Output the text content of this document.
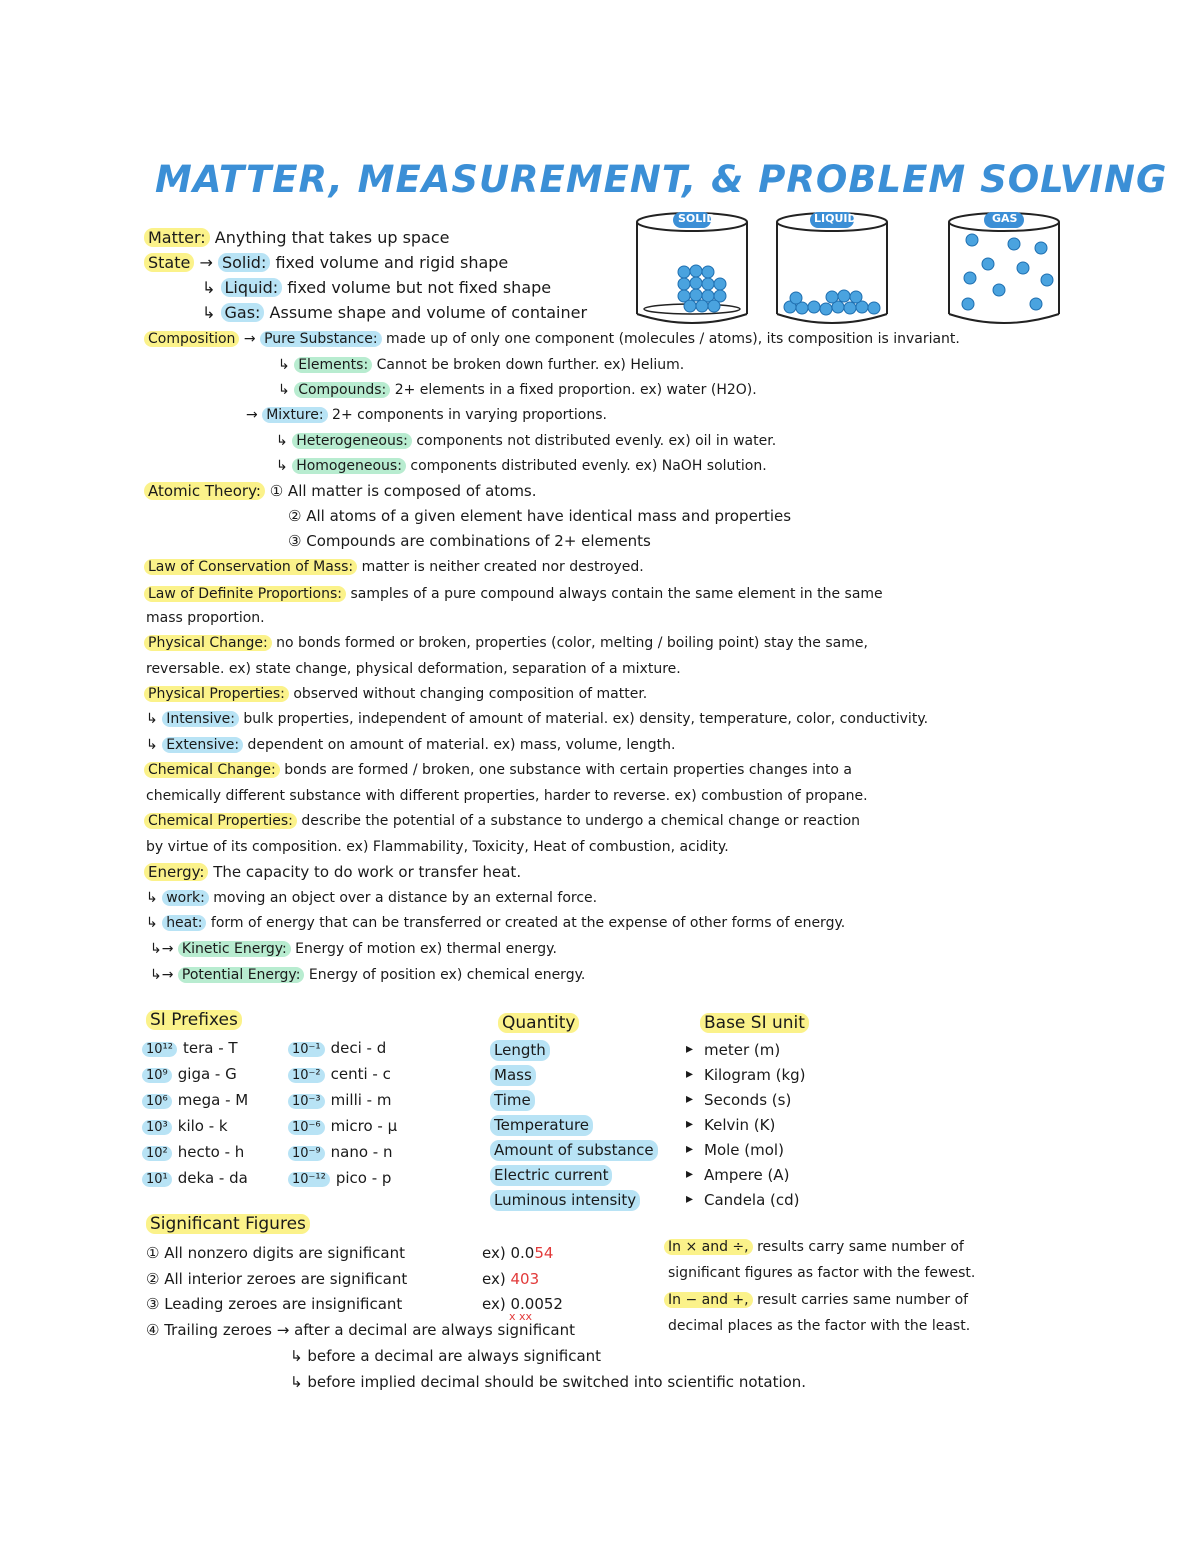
MATTER, MEASUREMENT, & PROBLEM SOLVING
SOLID	LIQUID	GAS
Matter: Anything that takes up space
State → Solid: fixed volume and rigid shape
↳ Liquid: fixed volume but not fixed shape
↳ Gas: Assume shape and volume of container
Composition → Pure Substance: made up of only one component (molecules / atoms), its composition is invariant.
↳ Elements: Cannot be broken down further. ex) Helium.
↳ Compounds: 2+ elements in a fixed proportion. ex) water (H2O).
→ Mixture: 2+ components in varying proportions.
↳ Heterogeneous: components not distributed evenly. ex) oil in water.
↳ Homogeneous: components distributed evenly. ex) NaOH solution.
Atomic Theory: ① All matter is composed of atoms.
② All atoms of a given element have identical mass and properties
③ Compounds are combinations of 2+ elements
Law of Conservation of Mass: matter is neither created nor destroyed.
Law of Definite Proportions: samples of a pure compound always contain the same element in the same
mass proportion.
Physical Change: no bonds formed or broken, properties (color, melting / boiling point) stay the same,
reversable. ex) state change, physical deformation, separation of a mixture.
Physical Properties: observed without changing composition of matter.
↳ Intensive: bulk properties, independent of amount of material. ex) density, temperature, color, conductivity.
↳ Extensive: dependent on amount of material. ex) mass, volume, length.
Chemical Change: bonds are formed / broken, one substance with certain properties changes into a
chemically different substance with different properties, harder to reverse. ex) combustion of propane.
Chemical Properties: describe the potential of a substance to undergo a chemical change or reaction
by virtue of its composition. ex) Flammability, Toxicity, Heat of combustion, acidity.
Energy: The capacity to do work or transfer heat.
↳ work: moving an object over a distance by an external force.
↳ heat: form of energy that can be transferred or created at the expense of other forms of energy.
↳→ Kinetic Energy: Energy of motion ex) thermal energy.
↳→ Potential Energy: Energy of position ex) chemical energy.
SI Prefixes
10¹² tera - T
10⁹ giga - G
10⁶ mega - M
10³ kilo - k
10² hecto - h
10¹ deka - da
10⁻¹ deci - d
10⁻² centi - c
10⁻³ milli - m
10⁻⁶ micro - μ
10⁻⁹ nano - n
10⁻¹² pico - p
Quantity	Base SI unit
Length	▸ meter (m)
Mass	▸ Kilogram (kg)
Time	▸ Seconds (s)
Temperature	▸ Kelvin (K)
Amount of substance ▸ Mole (mol)
Electric current	▸ Ampere (A)
Luminous intensity	▸ Candela (cd)
Significant Figures
① All nonzero digits are significant	ex) 0.054
② All interior zeroes are significant	ex) 403
③ Leading zeroes are insignificant	ex) 0.0052
x xx
④ Trailing zeroes → after a decimal are always significant
↳ before a decimal are always significant
↳ before implied decimal should be switched into scientific notation.
In × and ÷, results carry same number of
significant figures as factor with the fewest.
In − and +, result carries same number of
decimal places as the factor with the least.
